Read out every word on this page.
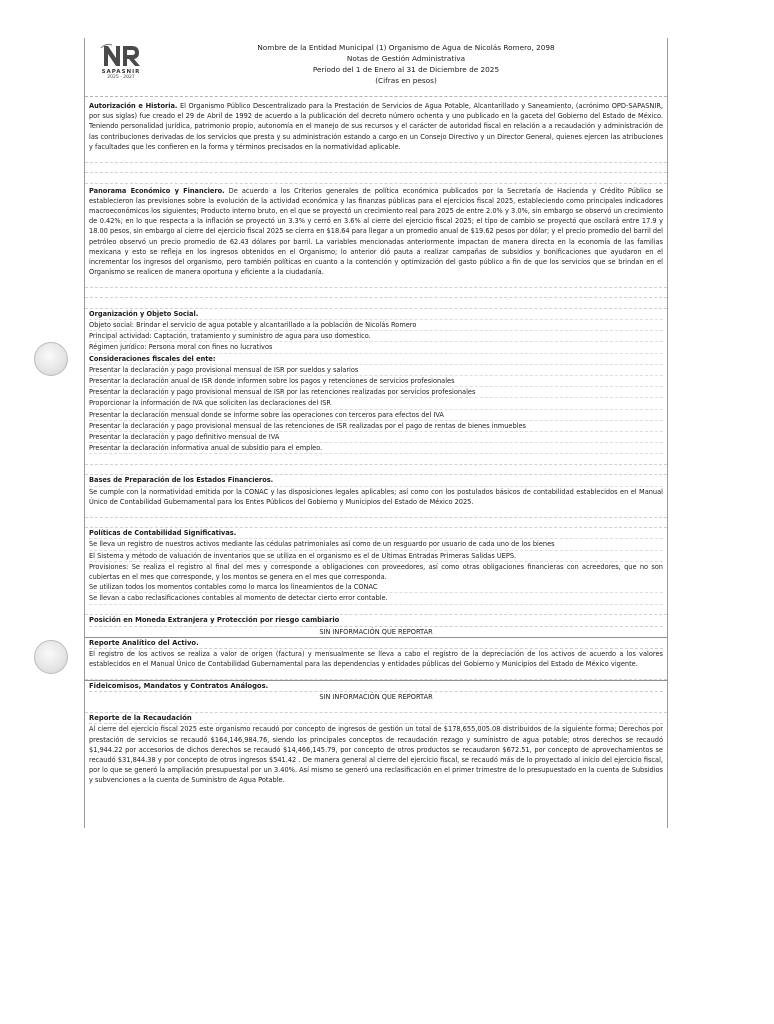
SAPASNIR
2025 - 2027
Nombre de la Entidad Municipal (1) Organismo de Agua de Nicolás Romero, 2098
Notas de Gestión Administrativa
Periodo del 1 de Enero al 31 de Diciembre de 2025
(Cifras en pesos)

Autorización e Historia. El Organismo Público Descentralizado para la Prestación de Servicios de Agua Potable, Alcantarillado y Saneamiento, (acrónimo OPD-SAPASNIR, por sus siglas) fue creado el 29 de Abril de 1992 de acuerdo a la publicación del decreto número ochenta y uno publicado en la gaceta del Gobierno del Estado de México. Teniendo personalidad jurídica, patrimonio propio, autonomía en el manejo de sus recursos y el carácter de autoridad fiscal en relación a a recaudación y administración de las contribuciones derivadas de los servicios que presta y su administración estando a cargo en un Consejo Directivo y un Director General, quienes ejercen las atribuciones y facultades que les confieren en la forma y términos precisados en la normatividad aplicable.

Panorama Económico y Financiero. De acuerdo a los Criterios generales de política económica publicados por la Secretaría de Hacienda y Crédito Público se establecieron las previsiones sobre la evolución de la actividad económica y las finanzas públicas para el ejercicios fiscal 2025, estableciendo como principales indicadores macroeconómicos los siguientes; Producto interno bruto, en el que se proyectó un crecimiento real para 2025 de entre 2.0% y 3.0%, sin embargo se observó un crecimiento de 0.42%; en lo que respecta a la inflación se proyectó un 3.3% y cerró en 3.6% al cierre del ejercicio fiscal 2025; el tipo de cambio se proyectó que oscilará entre 17.9 y 18.00 pesos, sin embargo al cierre del ejercicio fiscal 2025 se cierra en $18.64 para llegar a un promedio anual de $19.62 pesos por dólar; y el precio promedio del barril del petróleo observó un precio promedio de 62.43 dólares por barril. La variables mencionadas anteriormente impactan de manera directa en la economía de las familias mexicana y esto se refleja en los ingresos obtenidos en el Organismo; lo anterior dió pauta a realizar campañas de subsidios y bonificaciones que ayudaron en el incrementar los ingresos del organismo, pero también políticas en cuanto a la contención y optimización del gasto público a fin de que los servicios que se brindan en el Organismo se realicen de manera oportuna y eficiente a la ciudadanía.

Organización y Objeto Social.
Objeto social: Brindar el servicio de agua potable y alcantarillado a la población de Nicolás Romero
Principal actividad: Captación, tratamiento y suministro de agua para uso domestico.
Régimen jurídico: Persona moral con fines no lucrativos
Consideraciones fiscales del ente:
Presentar la declaración y pago provisional mensual de ISR por sueldos y salarios
Presentar la declaración anual de ISR donde informen sobre los pagos y retenciones de servicios profesionales
Presentar la declaración y pago provisional mensual de ISR por las retenciones realizadas por servicios profesionales
Proporcionar la información de IVA que soliciten las declaraciones del ISR
Presentar la declaración mensual donde se informe sobre las operaciones con terceros para efectos del IVA
Presentar la declaración y pago provisional mensual de las retenciones de ISR realizadas por el pago de rentas de bienes inmuebles
Presentar la declaración y pago definitivo mensual de IVA
Presentar la declaración informativa anual de subsidio para el empleo.
Bases de Preparación de los Estados Financieros.

Se cumple con la normatividad emitida por la CONAC y las disposiciones legales aplicables; así como con los postulados básicos de contabilidad establecidos en el Manual Único de Contabilidad Gubernamental para los Entes Públicos del Gobierno y Municipios del Estado de México 2025.

Políticas de Contabilidad Significativas.
Se lleva un registro de nuestros activos mediante las cédulas patrimoniales así como de un resguardo por usuario de cada uno de los bienes
El Sistema y método de valuación de inventarios que se utiliza en el organismo es el de Ultimas Entradas Primeras Salidas UEPS.

Provisiones: Se realiza el registro al final del mes y corresponde a obligaciones con proveedores, así como otras obligaciones financieras con acreedores, que no son cubiertas en el mes que corresponde, y los montos se genera en el mes que corresponda.

Se utilizan todos los momentos contables como lo marca los lineamientos de la CONAC
Se llevan a cabo reclasificaciones contables al momento de detectar cierto error contable.
Posición en Moneda Extranjera y Protección por riesgo cambiario
SIN INFORMACIÓN QUE REPORTAR
Reporte Analítico del Activo.

El registro de los activos se realiza a valor de origen (factura) y mensualmente se lleva a cabo el registro de la depreciación de los activos de acuerdo a los valores establecidos en el Manual Único de Contabilidad Gubernamental para las dependencias y entidades públicas del Gobierno y Municipios del Estado de México vigente.

Fideicomisos, Mandatos y Contratos Análogos.
SIN INFORMACIÓN QUE REPORTAR
Reporte de la Recaudación

Al cierre del ejercicio fiscal 2025 este organismo recaudó por concepto de ingresos de gestión un total de $178,655,005.08 distribuidos de la siguiente forma; Derechos por prestación de servicios se recaudó $164,146,984.76, siendo los principales conceptos de recaudación rezago y suministro de agua potable; otros derechos se recaudó $1,944.22 por accesorios de dichos derechos se recaudó $14,466,145.79, por concepto de otros productos se recaudaron $672.51, por concepto de aprovechamientos se recaudó $31,844.38 y por concepto de otros ingresos $541.42 . De manera general al cierre del ejercicio fiscal, se recaudó más de lo proyectado al inicio del ejercicio fiscal, por lo que se generó la ampliación presupuestal por un 3.40%. Así mismo se generó una reclasificación en el primer trimestre de lo presupuestado en la cuenta de Subsidios y subvenciones a la cuenta de Suministro de Agua Potable.
